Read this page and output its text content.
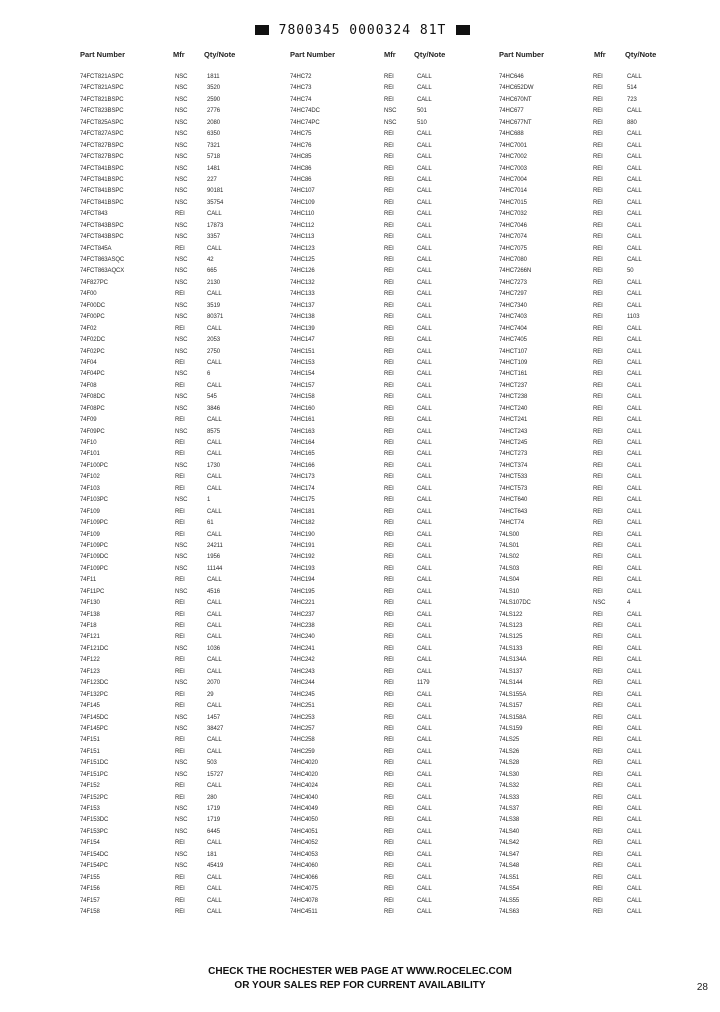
7800345 0000324 81T
Part Number	Mfr	Qty/Note
74FCT821ASPC	NSC	1811
74FCT821ASPC	NSC	3520
74FCT821BSPC	NSC	2590
74FCT823BSPC	NSC	2776
74FCT825ASPC	NSC	2080
74FCT827ASPC	NSC	6350
74FCT827BSPC	NSC	7321
74FCT827BSPC	NSC	5718
74FCT841BSPC	NSC	1481
74FCT841BSPC	NSC	227
74FCT841BSPC	NSC	90181
74FCT841BSPC	NSC	35754
74FCT843	REI	CALL
74FCT843BSPC	NSC	17873
74FCT843BSPC	NSC	3357
74FCT845A	REI	CALL
74FCT863ASQC	NSC	42
74FCT863AQCX	NSC	665
74F827PC	NSC	2130
74F00	REI	CALL
74F00DC	NSC	3519
74F00PC	NSC	80371
74F02	REI	CALL
74F02DC	NSC	2053
74F02PC	NSC	2750
74F04	REI	CALL
74F04PC	NSC	6
74F08	REI	CALL
74F08DC	NSC	545
74F08PC	NSC	3846
74F09	REI	CALL
74F09PC	NSC	8575
74F10	REI	CALL
74F101	REI	CALL
74F100PC	NSC	1730
74F102	REI	CALL
74F103	REI	CALL
74F103PC	NSC	1
74F109	REI	CALL
74F109PC	REI	61
74F109	REI	CALL
74F109PC	NSC	24211
74F109DC	NSC	1956
74F109PC	NSC	11144
74F11	REI	CALL
74F11PC	NSC	4516
74F130	REI	CALL
74F138	REI	CALL
74F18	REI	CALL
74F121	REI	CALL
74F121DC	NSC	1036
74F122	REI	CALL
74F123	REI	CALL
74F123DC	NSC	2070
74F132PC	REI	29
74F145	REI	CALL
74F145DC	NSC	1457
74F145PC	NSC	38427
74F151	REI	CALL
74F151	REI	CALL
74F151DC	NSC	503
74F151PC	NSC	15727
74F152	REI	CALL
74F152PC	REI	280
74F153	NSC	1719
74F153DC	NSC	1719
74F153PC	NSC	6445
74F154	REI	CALL
74F154DC	NSC	181
74F154PC	NSC	45419
74F155	REI	CALL
74F156	REI	CALL
74F157	REI	CALL
74F158	REI	CALL
Part Number	Mfr Qty/Note
74HC72	REI	CALL
74HC73	REI	CALL
74HC74	REI	CALL
74HC74DC	NSC	501
74HC74PC	NSC	510
74HC75	REI	CALL
74HC76	REI	CALL
74HC85	REI	CALL
74HC86	REI	CALL
74HC86	REI	CALL
74HC107	REI	CALL
74HC109	REI	CALL
74HC110	REI	CALL
74HC112	REI	CALL
74HC113	REI	CALL
74HC123	REI	CALL
74HC125	REI	CALL
74HC126	REI	CALL
74HC132	REI	CALL
74HC133	REI	CALL
74HC137	REI	CALL
74HC138	REI	CALL
74HC139	REI	CALL
74HC147	REI	CALL
74HC151	REI	CALL
74HC153	REI	CALL
74HC154	REI	CALL
74HC157	REI	CALL
74HC158	REI	CALL
74HC160	REI	CALL
74HC161	REI	CALL
74HC163	REI	CALL
74HC164	REI	CALL
74HC165	REI	CALL
74HC166	REI	CALL
74HC173	REI	CALL
74HC174	REI	CALL
74HC175	REI	CALL
74HC181	REI	CALL
74HC182	REI	CALL
74HC190	REI	CALL
74HC191	REI	CALL
74HC192	REI	CALL
74HC193	REI	CALL
74HC194	REI	CALL
74HC195	REI	CALL
74HC221	REI	CALL
74HC237	REI	CALL
74HC238	REI	CALL
74HC240	REI	CALL
74HC241	REI	CALL
74HC242	REI	CALL
74HC243	REI	CALL
74HC244	REI	1179
74HC245	REI	CALL
74HC251	REI	CALL
74HC253	REI	CALL
74HC257	REI	CALL
74HC258	REI	CALL
74HC259	REI	CALL
74HC4020	REI	CALL
74HC4020	REI	CALL
74HC4024	REI	CALL
74HC4040	REI	CALL
74HC4049	REI	CALL
74HC4050	REI	CALL
74HC4051	REI	CALL
74HC4052	REI	CALL
74HC4053	REI	CALL
74HC4060	REI	CALL
74HC4066	REI	CALL
74HC4075	REI	CALL
74HC4078	REI	CALL
74HC4511	REI	CALL
Part Number	Mfr	Qty/Note
74HC646	REI	CALL
74HC652DW	REI	514
74HC670NT	REI	723
74HC677	REI	CALL
74HC677NT	REI	880
74HC688	REI	CALL
74HC7001	REI	CALL
74HC7002	REI	CALL
74HC7003	REI	CALL
74HC7004	REI	CALL
74HC7014	REI	CALL
74HC7015	REI	CALL
74HC7032	REI	CALL
74HC7046	REI	CALL
74HC7074	REI	CALL
74HC7075	REI	CALL
74HC7080	REI	CALL
74HC7266N	REI	50
74HC7273	REI	CALL
74HC7297	REI	CALL
74HC7340	REI	CALL
74HC7403	REI	1103
74HC7404	REI	CALL
74HC7405	REI	CALL
74HCT107	REI	CALL
74HCT109	REI	CALL
74HCT161	REI	CALL
74HCT237	REI	CALL
74HCT238	REI	CALL
74HCT240	REI	CALL
74HCT241	REI	CALL
74HCT243	REI	CALL
74HCT245	REI	CALL
74HCT273	REI	CALL
74HCT374	REI	CALL
74HCT533	REI	CALL
74HCT573	REI	CALL
74HCT640	REI	CALL
74HCT643	REI	CALL
74HCT74	REI	CALL
74LS00	REI	CALL
74LS01	REI	CALL
74LS02	REI	CALL
74LS03	REI	CALL
74LS04	REI	CALL
74LS10	REI	CALL
74LS107DC	NSC	4
74LS122	REI	CALL
74LS123	REI	CALL
74LS125	REI	CALL
74LS133	REI	CALL
74LS134A	REI	CALL
74LS137	REI	CALL
74LS144	REI	CALL
74LS155A	REI	CALL
74LS157	REI	CALL
74LS158A	REI	CALL
74LS159	REI	CALL
74LS25	REI	CALL
74LS26	REI	CALL
74LS28	REI	CALL
74LS30	REI	CALL
74LS32	REI	CALL
74LS33	REI	CALL
74LS37	REI	CALL
74LS38	REI	CALL
74LS40	REI	CALL
74LS42	REI	CALL
74LS47	REI	CALL
74LS48	REI	CALL
74LS51	REI	CALL
74LS54	REI	CALL
74LS55	REI	CALL
74LS63	REI	CALL
CHECK THE ROCHESTER WEB PAGE AT WWW.ROCELEC.COM
OR YOUR SALES REP FOR CURRENT AVAILABILITY	28
